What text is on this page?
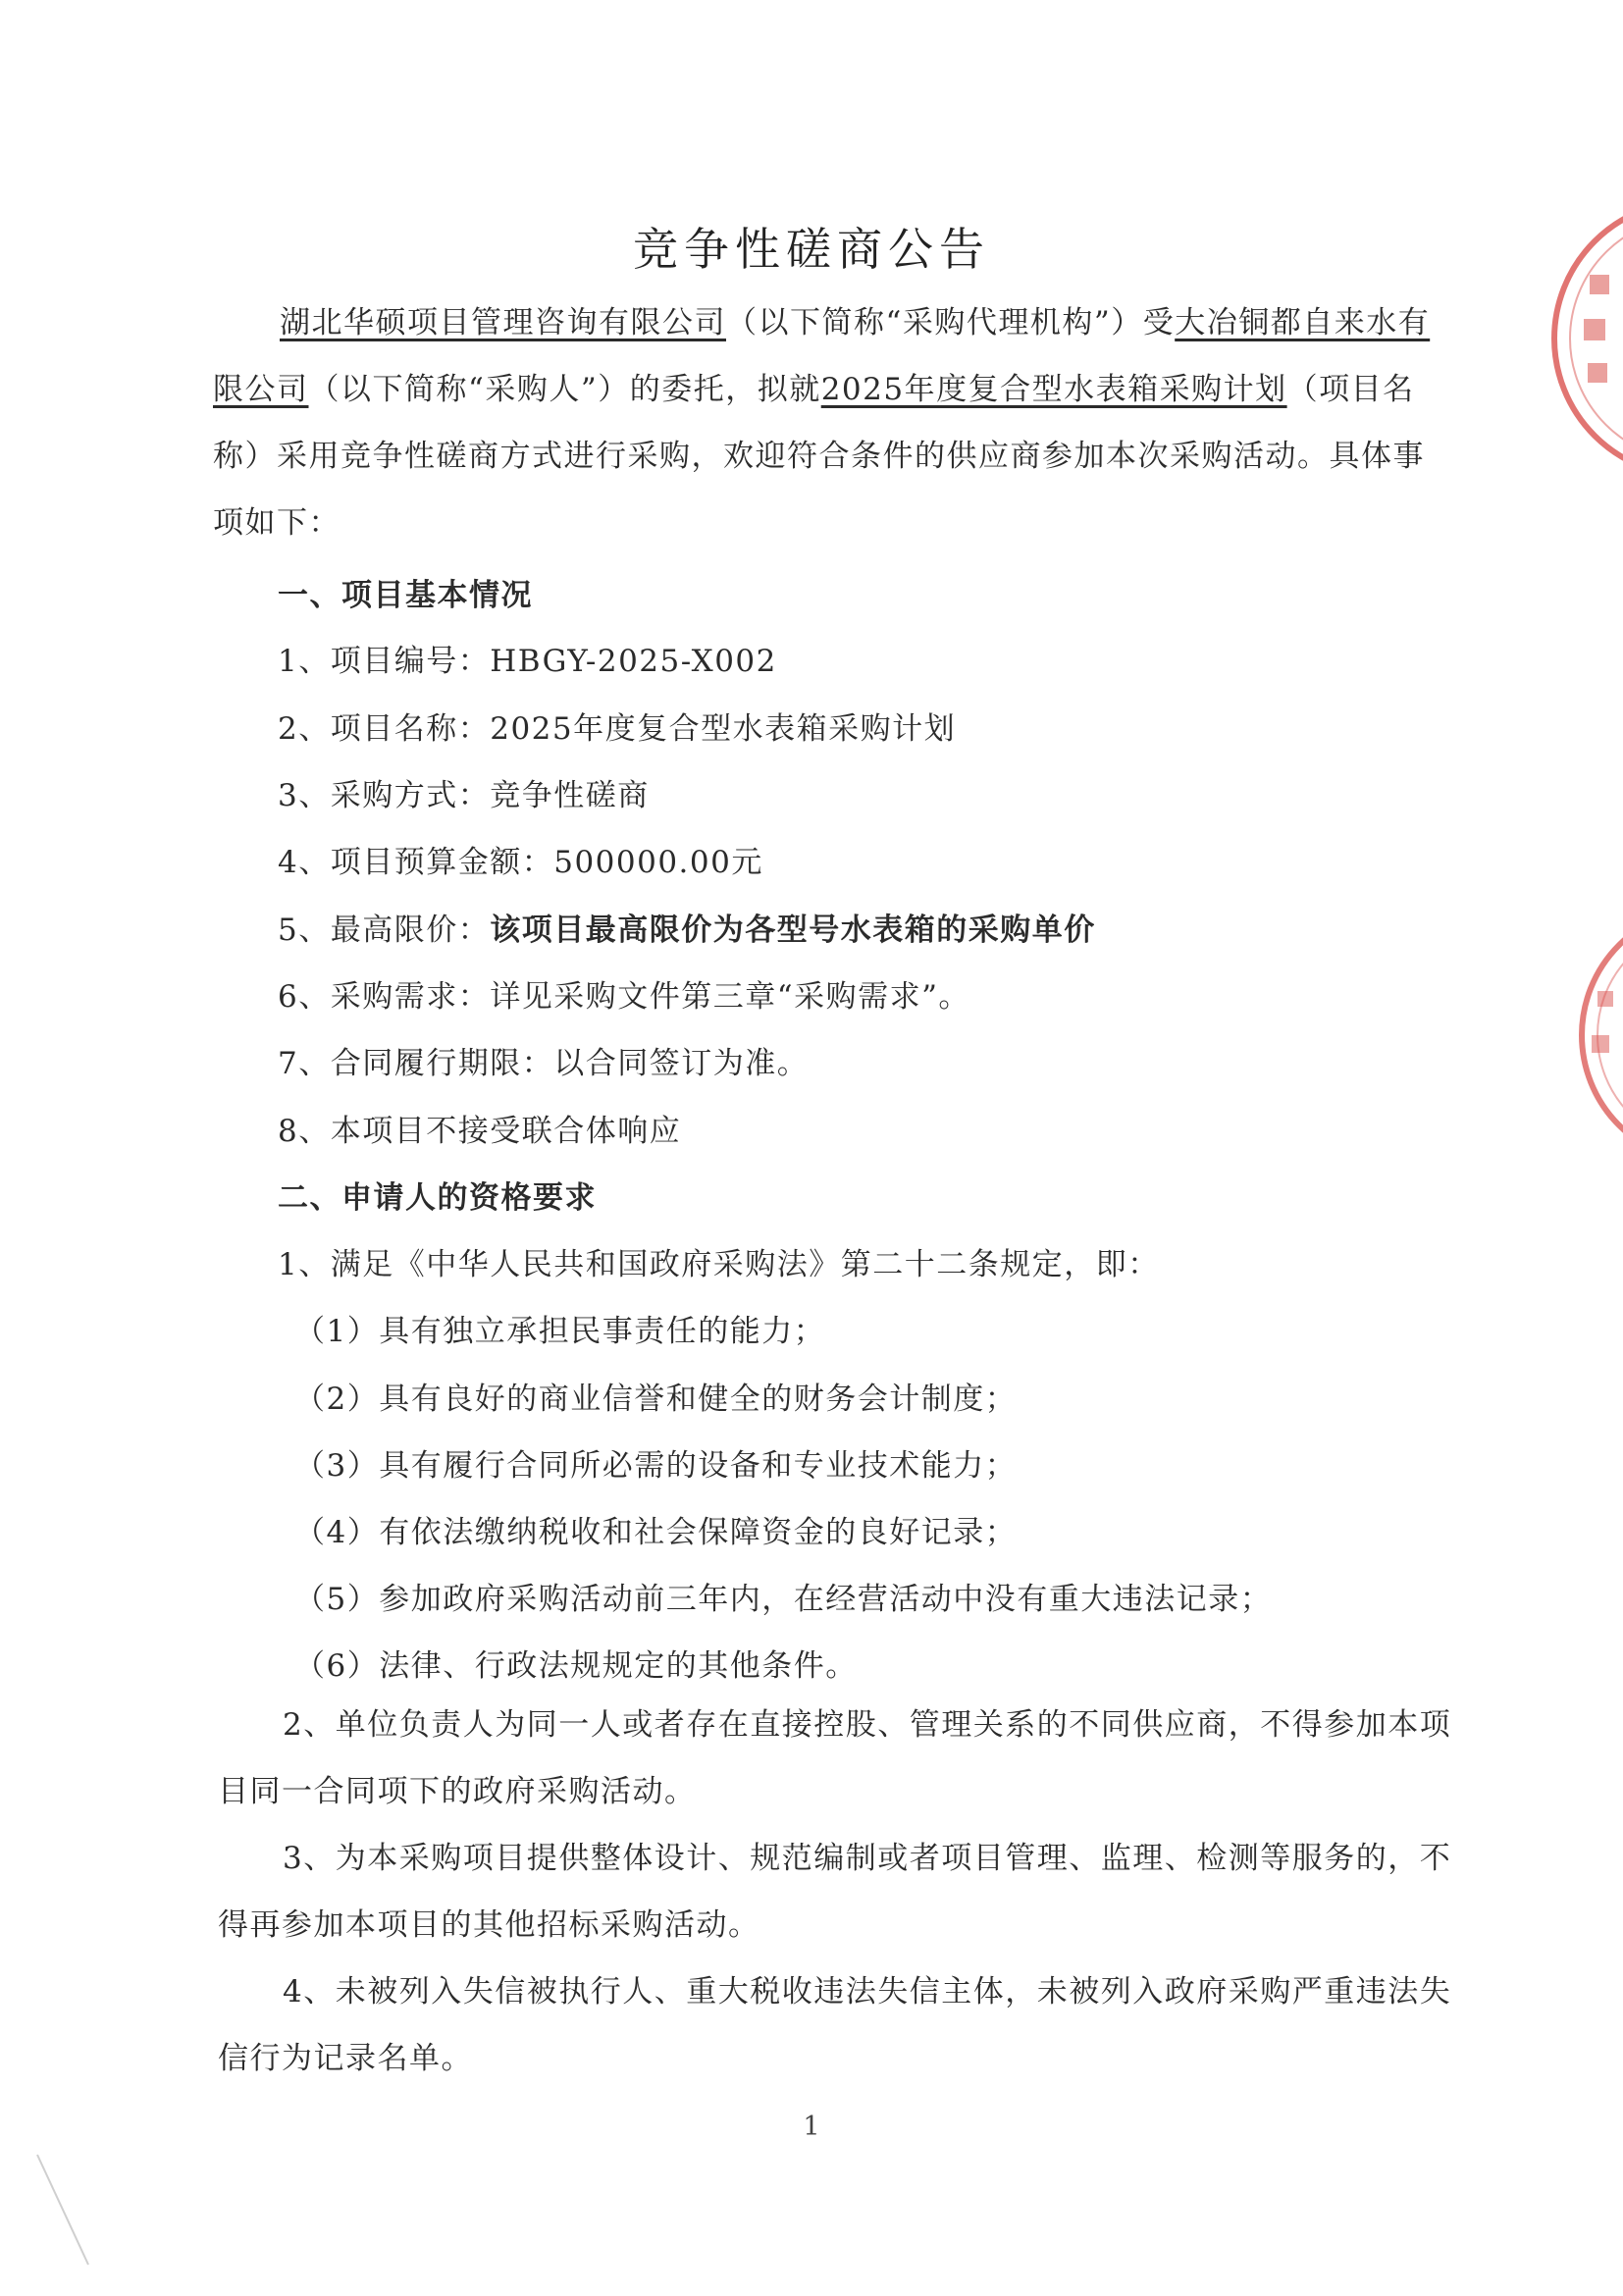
竞争性磋商公告
湖北华硕项目管理咨询有限公司（以下简称“采购代理机构”）受大冶铜都自来水有限公司（以下简称“采购人”）的委托，拟就2025年度复合型水表箱采购计划（项目名称）采用竞争性磋商方式进行采购，欢迎符合条件的供应商参加本次采购活动。具体事项如下：
一、项目基本情况
1、项目编号：HBGY-2025-X002
2、项目名称：2025年度复合型水表箱采购计划
3、采购方式：竞争性磋商
4、项目预算金额：500000.00元
5、最高限价：该项目最高限价为各型号水表箱的采购单价
6、采购需求：详见采购文件第三章“采购需求”。
7、合同履行期限：以合同签订为准。
8、本项目不接受联合体响应
二、申请人的资格要求
1、满足《中华人民共和国政府采购法》第二十二条规定，即：
（1）具有独立承担民事责任的能力；
（2）具有良好的商业信誉和健全的财务会计制度；
（3）具有履行合同所必需的设备和专业技术能力；
（4）有依法缴纳税收和社会保障资金的良好记录；
（5）参加政府采购活动前三年内，在经营活动中没有重大违法记录；
（6）法律、行政法规规定的其他条件。
2、单位负责人为同一人或者存在直接控股、管理关系的不同供应商，不得参加本项目同一合同项下的政府采购活动。
3、为本采购项目提供整体设计、规范编制或者项目管理、监理、检测等服务的，不得再参加本项目的其他招标采购活动。
4、未被列入失信被执行人、重大税收违法失信主体，未被列入政府采购严重违法失信行为记录名单。
1
